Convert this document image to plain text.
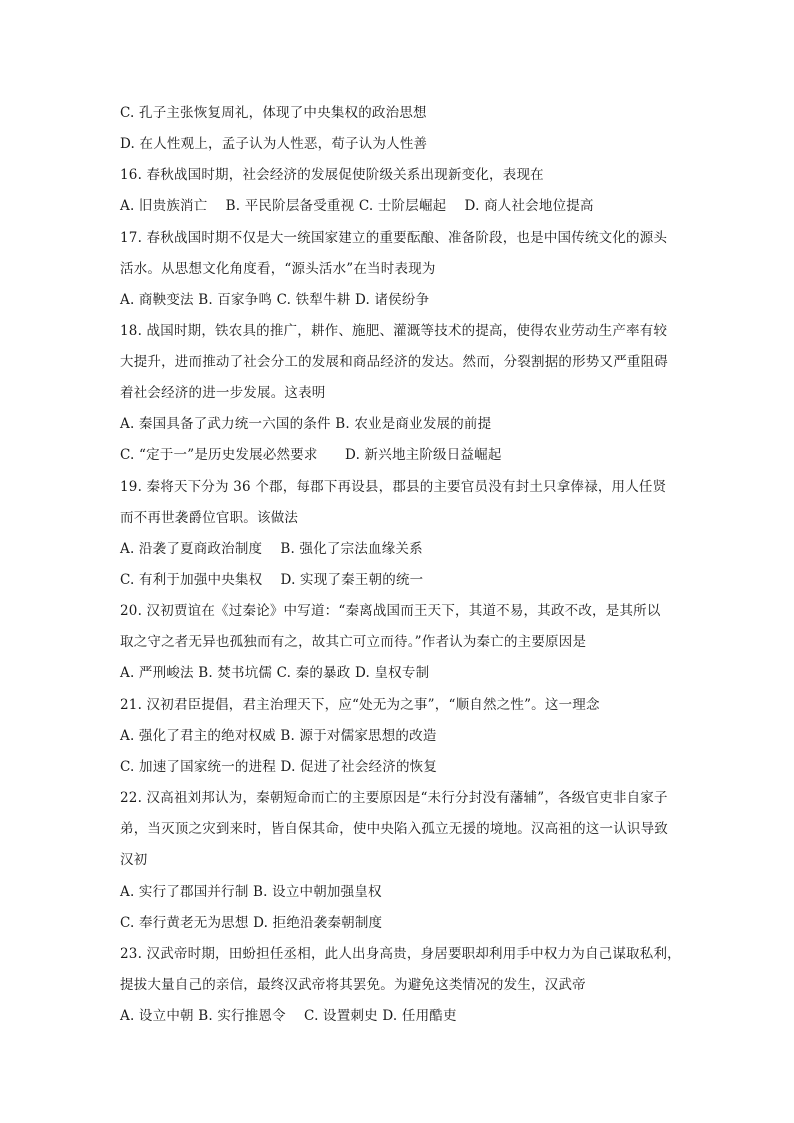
C. 孔子主张恢复周礼，体现了中央集权的政治思想
D. 在人性观上，孟子认为人性恶，荀子认为人性善
16. 春秋战国时期，社会经济的发展促使阶级关系出现新变化，表现在
A. 旧贵族消亡　 B. 平民阶层备受重视 C. 士阶层崛起　 D. 商人社会地位提高
17. 春秋战国时期不仅是大一统国家建立的重要酝酿、准备阶段，也是中国传统文化的源头
活水。从思想文化角度看，“源头活水”在当时表现为
A. 商鞅变法 B. 百家争鸣 C. 铁犁牛耕 D. 诸侯纷争
18. 战国时期，铁农具的推广，耕作、施肥、灌溉等技术的提高，使得农业劳动生产率有较
大提升，进而推动了社会分工的发展和商品经济的发达。然而，分裂割据的形势又严重阻碍
着社会经济的进一步发展。这表明
A. 秦国具备了武力统一六国的条件 B. 农业是商业发展的前提
C. “定于一”是历史发展必然要求　　D. 新兴地主阶级日益崛起
19. 秦将天下分为 36 个郡，每郡下再设县，郡县的主要官员没有封土只拿俸禄，用人任贤
而不再世袭爵位官职。该做法
A. 沿袭了夏商政治制度　 B. 强化了宗法血缘关系
C. 有利于加强中央集权　 D. 实现了秦王朝的统一
20. 汉初贾谊在《过秦论》中写道：“秦离战国而王天下，其道不易，其政不改，是其所以
取之守之者无异也孤独而有之，故其亡可立而待。”作者认为秦亡的主要原因是
A. 严刑峻法 B. 焚书坑儒 C. 秦的暴政 D. 皇权专制
21. 汉初君臣提倡，君主治理天下，应“处无为之事”，“顺自然之性”。这一理念
A. 强化了君主的绝对权威 B. 源于对儒家思想的改造
C. 加速了国家统一的进程 D. 促进了社会经济的恢复
22. 汉高祖刘邦认为，秦朝短命而亡的主要原因是“未行分封没有藩辅”，各级官吏非自家子
弟，当灭顶之灾到来时，皆自保其命，使中央陷入孤立无援的境地。汉高祖的这一认识导致
汉初
A. 实行了郡国并行制 B. 设立中朝加强皇权
C. 奉行黄老无为思想 D. 拒绝沿袭秦朝制度
23. 汉武帝时期，田蚡担任丞相，此人出身高贵，身居要职却利用手中权力为自己谋取私利，
提拔大量自己的亲信，最终汉武帝将其罢免。为避免这类情况的发生，汉武帝
A. 设立中朝 B. 实行推恩令　 C. 设置刺史 D. 任用酷吏
